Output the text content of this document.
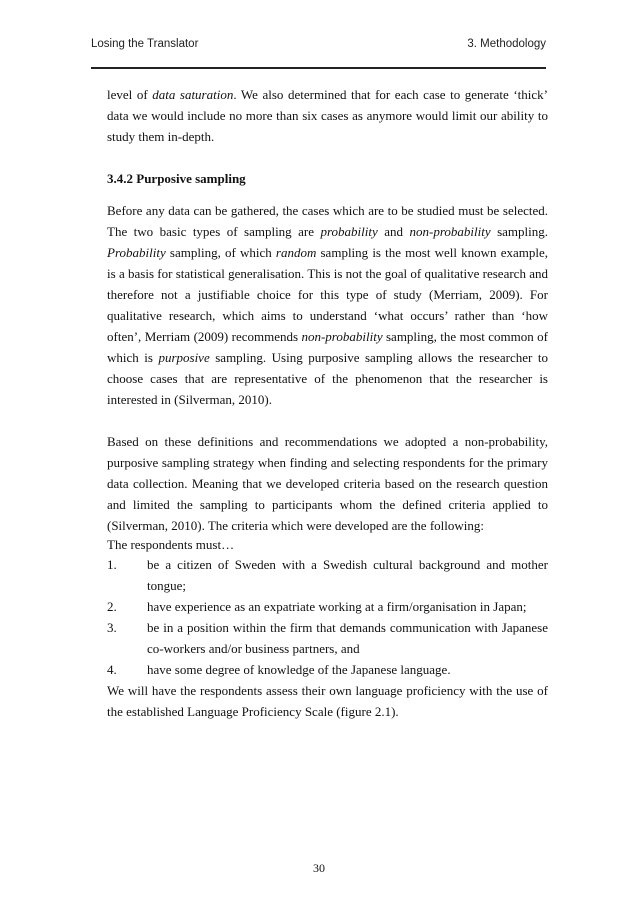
Losing the Translator	3. Methodology

level of data saturation. We also determined that for each case to generate ‘thick’ data we would include no more than six cases as anymore would limit our ability to study them in-depth.

3.4.2 Purposive sampling

Before any data can be gathered, the cases which are to be studied must be selected. The two basic types of sampling are probability and non-probability sampling. Probability sampling, of which random sampling is the most well known example, is a basis for statistical generalisation. This is not the goal of qualitative research and therefore not a justifiable choice for this type of study (Merriam, 2009). For qualitative research, which aims to understand ‘what occurs’ rather than ‘how often’, Merriam (2009) recommends non-probability sampling, the most common of which is purposive sampling. Using purposive sampling allows the researcher to choose cases that are representative of the phenomenon that the researcher is interested in (Silverman, 2010).

Based on these definitions and recommendations we adopted a non-probability, purposive sampling strategy when finding and selecting respondents for the primary data collection. Meaning that we developed criteria based on the research question and limited the sampling to participants whom the defined criteria applied to (Silverman, 2010). The criteria which were developed are the following:

The respondents must…

1. be a citizen of Sweden with a Swedish cultural background and mother tongue;
2. have experience as an expatriate working at a firm/organisation in Japan;
3. be in a position within the firm that demands communication with Japanese co-workers and/or business partners, and
4. have some degree of knowledge of the Japanese language.

We will have the respondents assess their own language proficiency with the use of the established Language Proficiency Scale (figure 2.1).

30
